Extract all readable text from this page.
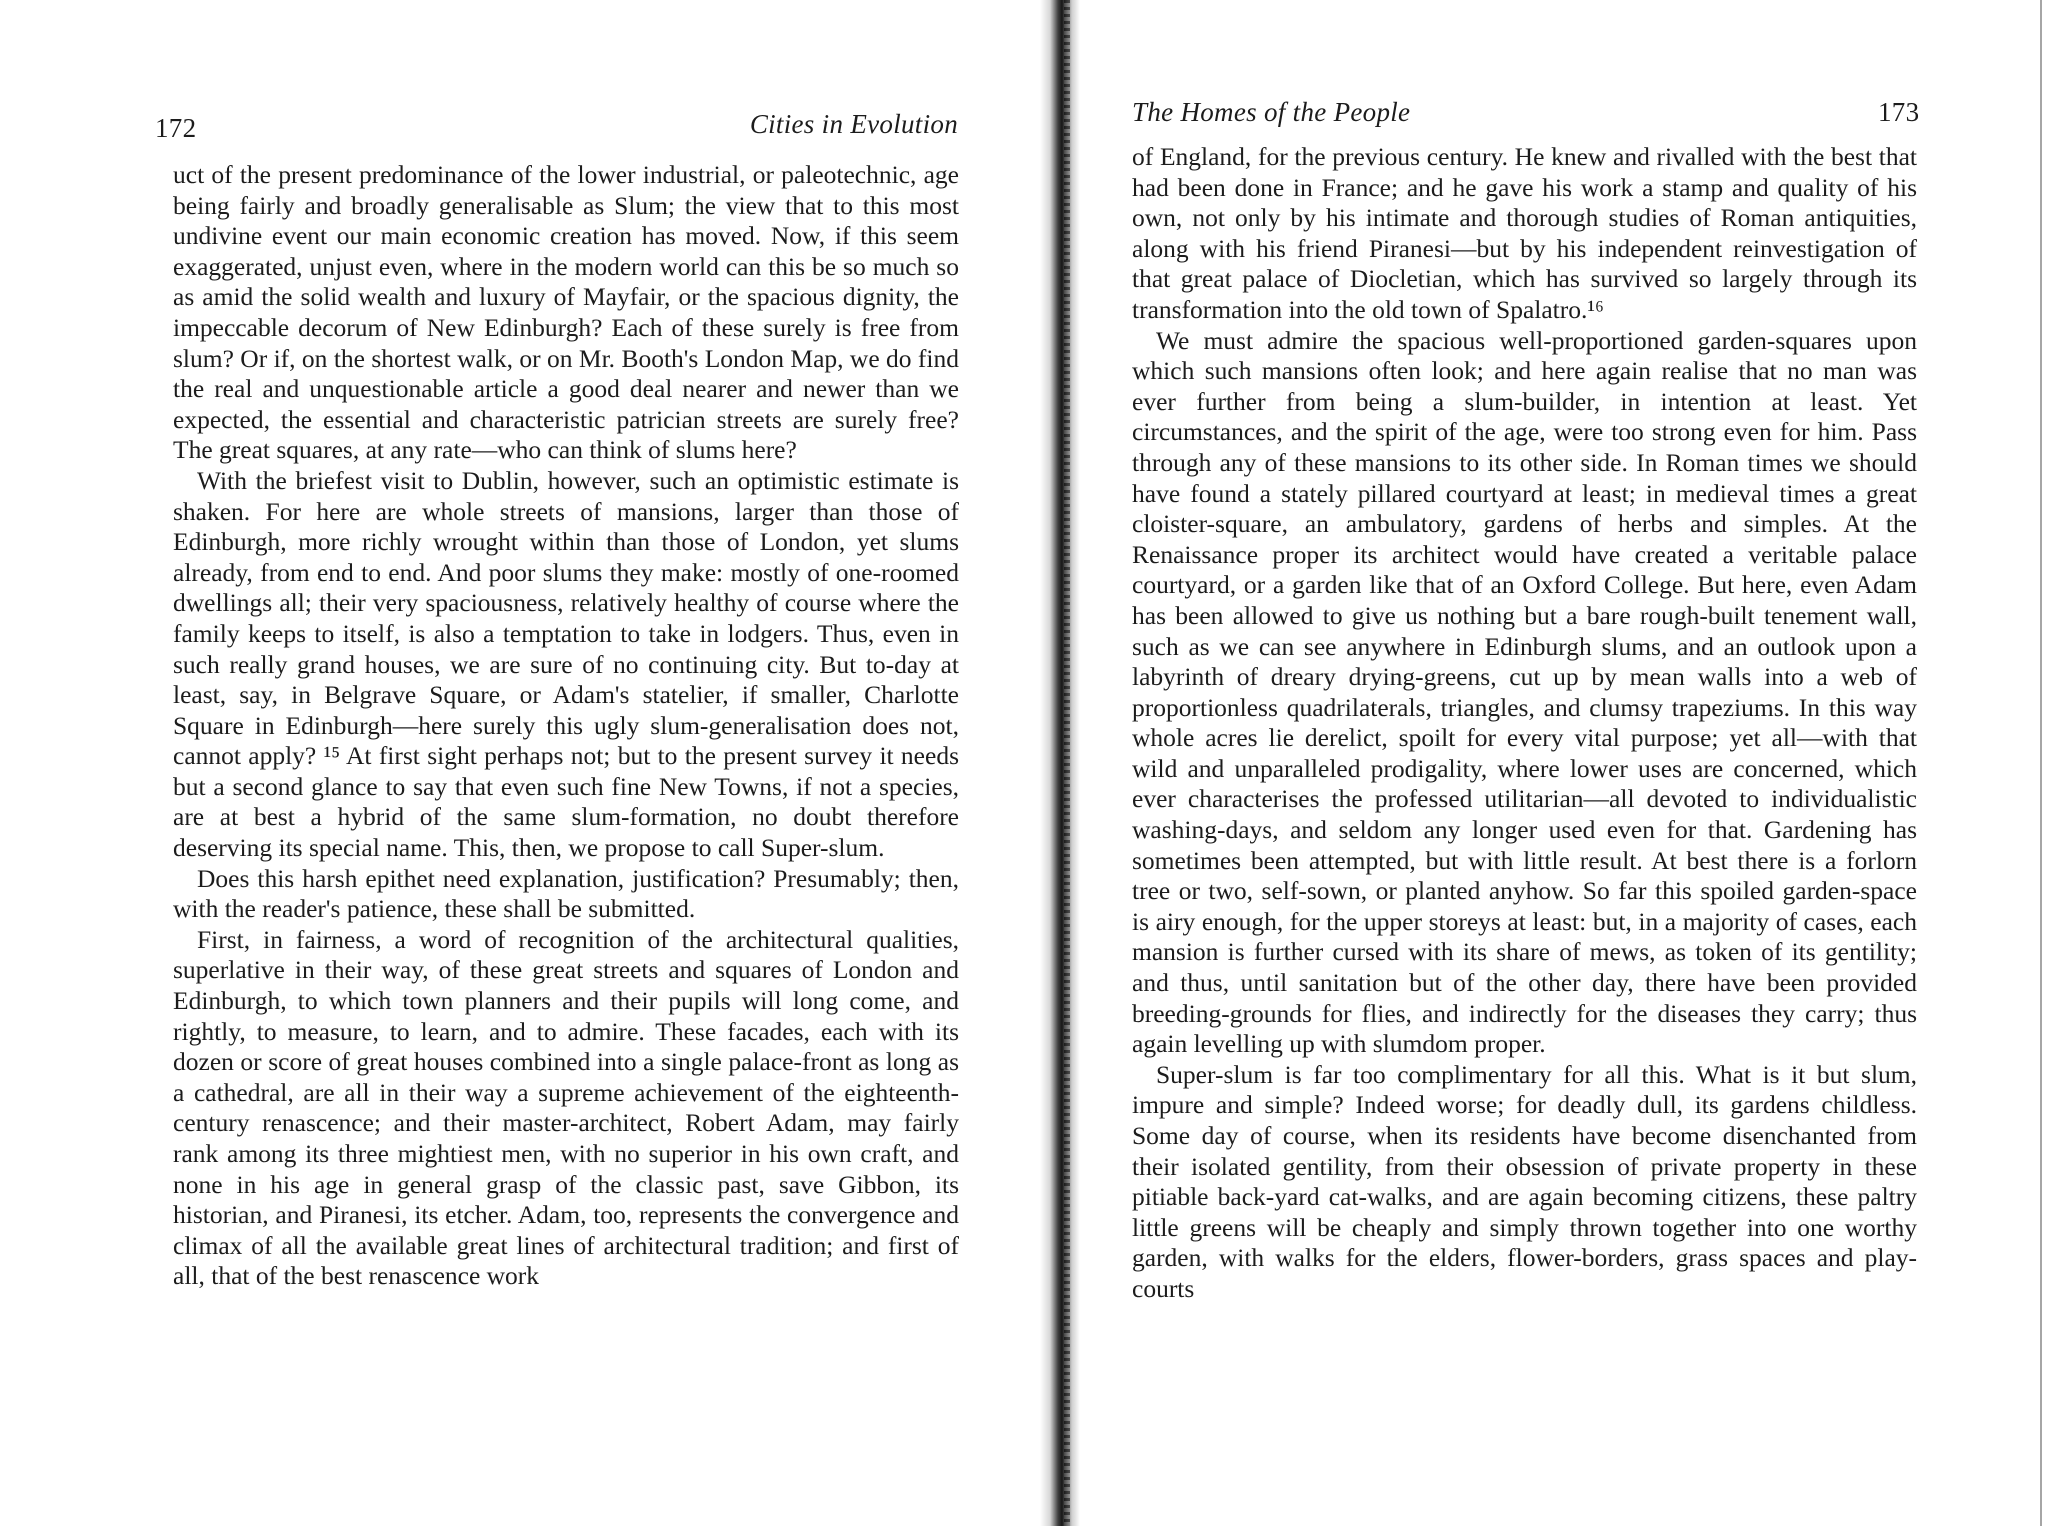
172	Cities in Evolution

uct of the present predominance of the lower industrial, or paleotechnic, age being fairly and broadly generalisable as Slum; the view that to this most undivine event our main economic creation has moved. Now, if this seem exaggerated, unjust even, where in the modern world can this be so much so as amid the solid wealth and luxury of Mayfair, or the spacious dignity, the impeccable decorum of New Edinburgh? Each of these surely is free from slum? Or if, on the shortest walk, or on Mr. Booth's London Map, we do find the real and unquestionable article a good deal nearer and newer than we expected, the essential and characteristic patrician streets are surely free? The great squares, at any rate—who can think of slums here?

With the briefest visit to Dublin, however, such an optimistic estimate is shaken. For here are whole streets of mansions, larger than those of Edinburgh, more richly wrought within than those of London, yet slums already, from end to end. And poor slums they make: mostly of one-roomed dwellings all; their very spaciousness, relatively healthy of course where the family keeps to itself, is also a temptation to take in lodgers. Thus, even in such really grand houses, we are sure of no continuing city. But to-day at least, say, in Belgrave Square, or Adam's statelier, if smaller, Charlotte Square in Edinburgh—here surely this ugly slum-generalisation does not, cannot apply? ¹⁵ At first sight perhaps not; but to the present survey it needs but a second glance to say that even such fine New Towns, if not a species, are at best a hybrid of the same slum-formation, no doubt therefore deserving its special name. This, then, we propose to call Super-slum.

Does this harsh epithet need explanation, justification? Presumably; then, with the reader's patience, these shall be submitted.

First, in fairness, a word of recognition of the architectural qualities, superlative in their way, of these great streets and squares of London and Edinburgh, to which town planners and their pupils will long come, and rightly, to measure, to learn, and to admire. These facades, each with its dozen or score of great houses combined into a single palace-front as long as a cathedral, are all in their way a supreme achievement of the eighteenth-century renascence; and their master-architect, Robert Adam, may fairly rank among its three mightiest men, with no superior in his own craft, and none in his age in general grasp of the classic past, save Gibbon, its historian, and Piranesi, its etcher. Adam, too, represents the convergence and climax of all the available great lines of architectural tradition; and first of all, that of the best renascence work

The Homes of the People	173

of England, for the previous century. He knew and rivalled with the best that had been done in France; and he gave his work a stamp and quality of his own, not only by his intimate and thorough studies of Roman antiquities, along with his friend Piranesi—but by his independent reinvestigation of that great palace of Diocletian, which has survived so largely through its transformation into the old town of Spalatro.¹⁶

We must admire the spacious well-proportioned garden-squares upon which such mansions often look; and here again realise that no man was ever further from being a slum-builder, in intention at least. Yet circumstances, and the spirit of the age, were too strong even for him. Pass through any of these mansions to its other side. In Roman times we should have found a stately pillared courtyard at least; in medieval times a great cloister-square, an ambulatory, gardens of herbs and simples. At the Renaissance proper its architect would have created a veritable palace courtyard, or a garden like that of an Oxford College. But here, even Adam has been allowed to give us nothing but a bare rough-built tenement wall, such as we can see anywhere in Edinburgh slums, and an outlook upon a labyrinth of dreary drying-greens, cut up by mean walls into a web of proportionless quadrilaterals, triangles, and clumsy trapeziums. In this way whole acres lie derelict, spoilt for every vital purpose; yet all—with that wild and unparalleled prodigality, where lower uses are concerned, which ever characterises the professed utilitarian—all devoted to individualistic washing-days, and seldom any longer used even for that. Gardening has sometimes been attempted, but with little result. At best there is a forlorn tree or two, self-sown, or planted anyhow. So far this spoiled garden-space is airy enough, for the upper storeys at least: but, in a majority of cases, each mansion is further cursed with its share of mews, as token of its gentility; and thus, until sanitation but of the other day, there have been provided breeding-grounds for flies, and indirectly for the diseases they carry; thus again levelling up with slumdom proper.

Super-slum is far too complimentary for all this. What is it but slum, impure and simple? Indeed worse; for deadly dull, its gardens childless. Some day of course, when its residents have become disenchanted from their isolated gentility, from their obsession of private property in these pitiable back-yard cat-walks, and are again becoming citizens, these paltry little greens will be cheaply and simply thrown together into one worthy garden, with walks for the elders, flower-borders, grass spaces and play-courts
